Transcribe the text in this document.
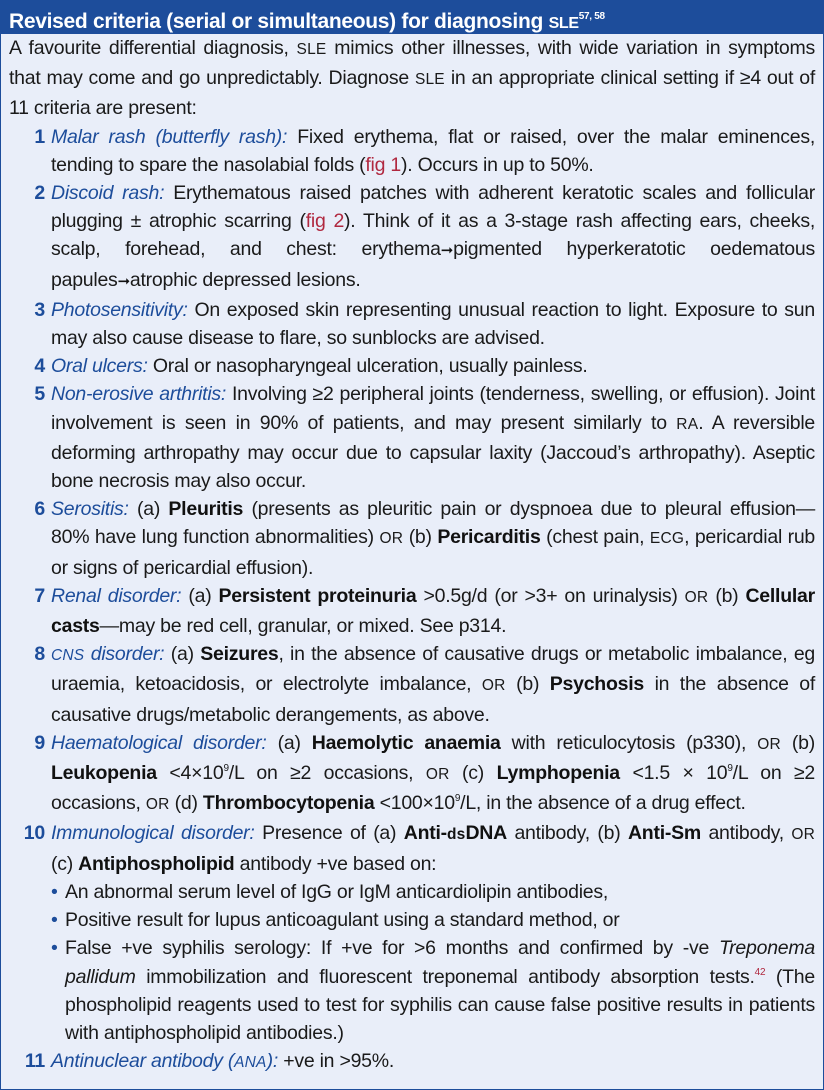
Revised criteria (serial or simultaneous) for diagnosing SLE$^{57, 58}$

A favourite differential diagnosis, SLE mimics other illnesses, with wide variation in symptoms that may come and go unpredictably. Diagnose SLE in an appropriate clinical setting if ≥4 out of 11 criteria are present:

1 Malar rash (butterfly rash): Fixed erythema, flat or raised, over the malar eminences, tending to spare the nasolabial folds (fig 1). Occurs in up to 50%.
2 Discoid rash: Erythematous raised patches with adherent keratotic scales and follicular plugging ± atrophic scarring (fig 2). Think of it as a 3-stage rash affecting ears, cheeks, scalp, forehead, and chest: erythema➞pigmented hyperkeratotic oedematous papules➞atrophic depressed lesions.
3 Photosensitivity: On exposed skin representing unusual reaction to light. Exposure to sun may also cause disease to flare, so sunblocks are advised.
4 Oral ulcers: Oral or nasopharyngeal ulceration, usually painless.
5 Non-erosive arthritis: Involving ≥2 peripheral joints (tenderness, swelling, or effusion). Joint involvement is seen in 90% of patients, and may present similarly to RA. A reversible deforming arthropathy may occur due to capsular laxity (Jaccoud’s arthropathy). Aseptic bone necrosis may also occur.
6 Serositis: (a) Pleuritis (presents as pleuritic pain or dyspnoea due to pleural effusion—80% have lung function abnormalities) OR (b) Pericarditis (chest pain, ECG, pericardial rub or signs of pericardial effusion).
7 Renal disorder: (a) Persistent proteinuria >0.5g/d (or >3+ on urinalysis) OR (b) Cellular casts—may be red cell, granular, or mixed. See p314.
8 CNS disorder: (a) Seizures, in the absence of causative drugs or metabolic imbalance, eg uraemia, ketoacidosis, or electrolyte imbalance, OR (b) Psychosis in the absence of causative drugs/metabolic derangements, as above.
9 Haematological disorder: (a) Haemolytic anaemia with reticulocytosis (p330), OR (b) Leukopenia $<4\times 10^9/L$ on ≥2 occasions, OR (c) Lymphopenia $<1.5 \times 10^9/L$ on ≥2 occasions, OR (d) Thrombocytopenia $<100\times 10^9/L$, in the absence of a drug effect.
10 Immunological disorder: Presence of (a) Anti-dsDNA antibody, (b) Anti-Sm antibody, OR (c) Antiphospholipid antibody +ve based on:
• An abnormal serum level of IgG or IgM anticardiolipin antibodies,
• Positive result for lupus anticoagulant using a standard method, or
• False +ve syphilis serology: If +ve for >6 months and confirmed by -ve Treponema pallidum immobilization and fluorescent treponemal antibody absorption tests.$^{42}$ (The phospholipid reagents used to test for syphilis can cause false positive results in patients with antiphospholipid antibodies.)
11 Antinuclear antibody (ANA): +ve in >95%.
